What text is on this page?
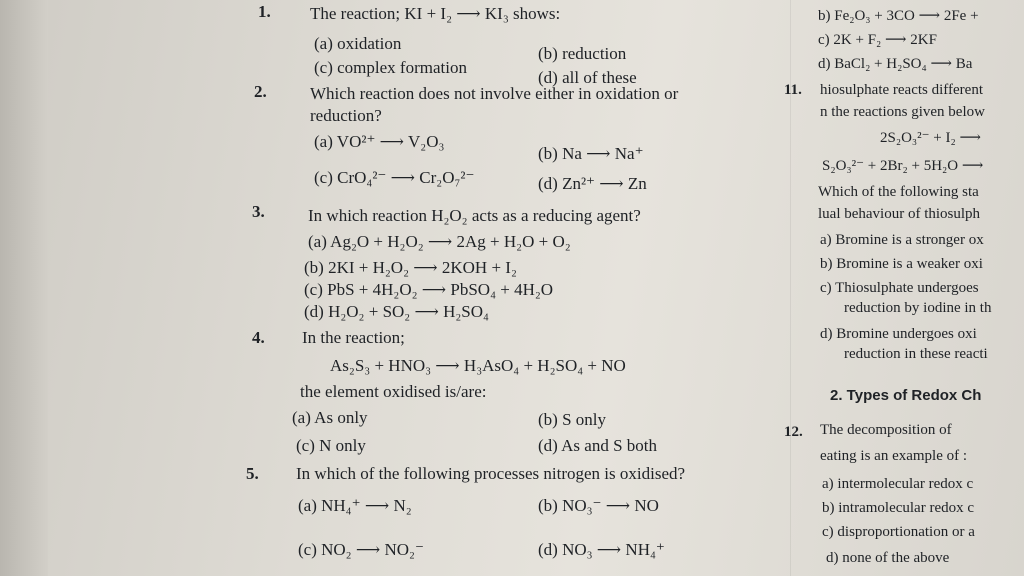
1. The reaction; KI + I₂ ⟶ KI₃ shows:
(a) oxidation
(b) reduction
(c) complex formation
(d) all of these
2.	Which reaction does not involve either in oxidation or
reduction?
(a) VO²⁺ ⟶ V₂O₃
(b) Na ⟶ Na⁺
(c) CrO₄²⁻ ⟶ Cr₂O₇²⁻	(d) Zn²⁺ ⟶ Zn
3.	In which reaction H₂O₂ acts as a reducing agent?
(a) Ag₂O + H₂O₂ ⟶ 2Ag + H₂O + O₂
(b) 2KI + H₂O₂ ⟶ 2KOH + I₂
(c) PbS + 4H₂O₂ ⟶ PbSO₄ + 4H₂O
(d) H₂O₂ + SO₂ ⟶ H₂SO₄
4. In the reaction;
As₂S₃ + HNO₃ ⟶ H₃AsO₄ + H₂SO₄ + NO
the element oxidised is/are:
(a) As only	(b) S only
(c) N only	(d) As and S both
5. In which of the following processes nitrogen is oxidised?
(a) NH₄⁺ ⟶ N₂	(b) NO₃⁻ ⟶ NO
(c) NO₂ ⟶ NO₂⁻	(d) NO₃ ⟶ NH₄⁺
b) Fe₂O₃ + 3CO ⟶ 2Fe +
c) 2K + F₂ ⟶ 2KF
d) BaCl₂ + H₂SO₄ ⟶ Ba
11. hiosulphate reacts different
n the reactions given below
2S₂O₃²⁻ + I₂ ⟶
S₂O₃²⁻ + 2Br₂ + 5H₂O ⟶
Which of the following sta
lual behaviour of thiosulph
a) Bromine is a stronger ox
b) Bromine is a weaker oxi
c) Thiosulphate undergoes
reduction by iodine in th
d) Bromine undergoes oxi
reduction in these reacti
2. Types of Redox Ch
12. The decomposition of
eating is an example of :
a) intermolecular redox c
b) intramolecular redox c
c) disproportionation or a
d) none of the above
